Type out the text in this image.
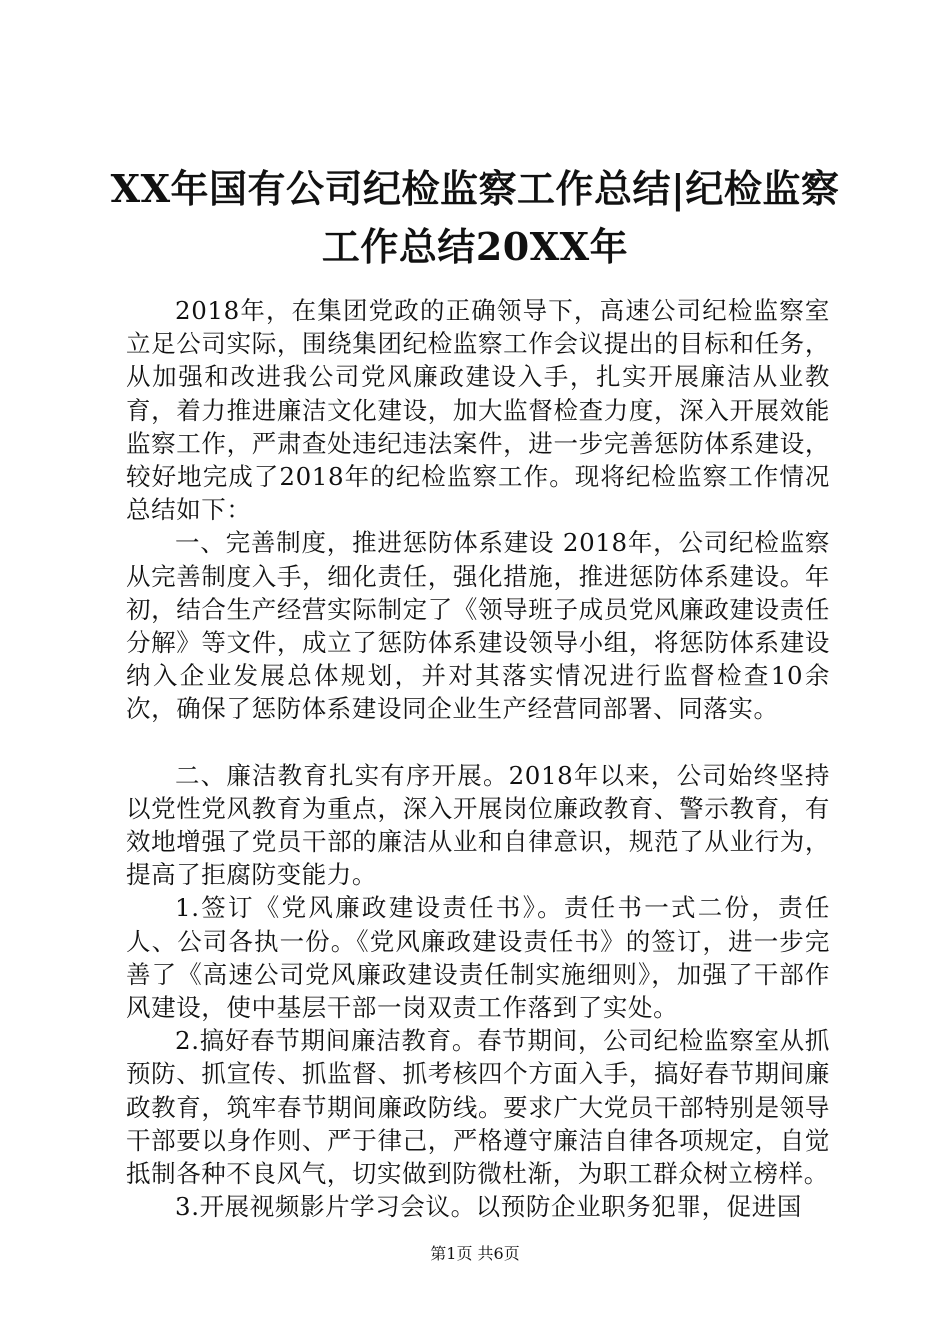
XX年国有公司纪检监察工作总结|纪检监察工作总结20XX年

2018年，在集团党政的正确领导下，高速公司纪检监察室立足公司实际，围绕集团纪检监察工作会议提出的目标和任务，从加强和改进我公司党风廉政建设入手，扎实开展廉洁从业教育，着力推进廉洁文化建设，加大监督检查力度，深入开展效能监察工作，严肃查处违纪违法案件，进一步完善惩防体系建设，较好地完成了2018年的纪检监察工作。现将纪检监察工作情况总结如下：

一、完善制度，推进惩防体系建设 2018年，公司纪检监察从完善制度入手，细化责任，强化措施，推进惩防体系建设。年初，结合生产经营实际制定了《领导班子成员党风廉政建设责任分解》等文件，成立了惩防体系建设领导小组，将惩防体系建设纳入企业发展总体规划，并对其落实情况进行监督检查10余次，确保了惩防体系建设同企业生产经营同部署、同落实。

二、廉洁教育扎实有序开展。2018年以来，公司始终坚持以党性党风教育为重点，深入开展岗位廉政教育、警示教育，有效地增强了党员干部的廉洁从业和自律意识，规范了从业行为，提高了拒腐防变能力。

1.签订《党风廉政建设责任书》。责任书一式二份，责任人、公司各执一份。《党风廉政建设责任书》的签订，进一步完善了《高速公司党风廉政建设责任制实施细则》，加强了干部作风建设，使中基层干部一岗双责工作落到了实处。

2.搞好春节期间廉洁教育。春节期间，公司纪检监察室从抓预防、抓宣传、抓监督、抓考核四个方面入手，搞好春节期间廉政教育，筑牢春节期间廉政防线。要求广大党员干部特别是领导干部要以身作则、严于律己，严格遵守廉洁自律各项规定，自觉抵制各种不良风气，切实做到防微杜渐，为职工群众树立榜样。

3.开展视频影片学习会议。以预防企业职务犯罪，促进国

第1页 共6页
